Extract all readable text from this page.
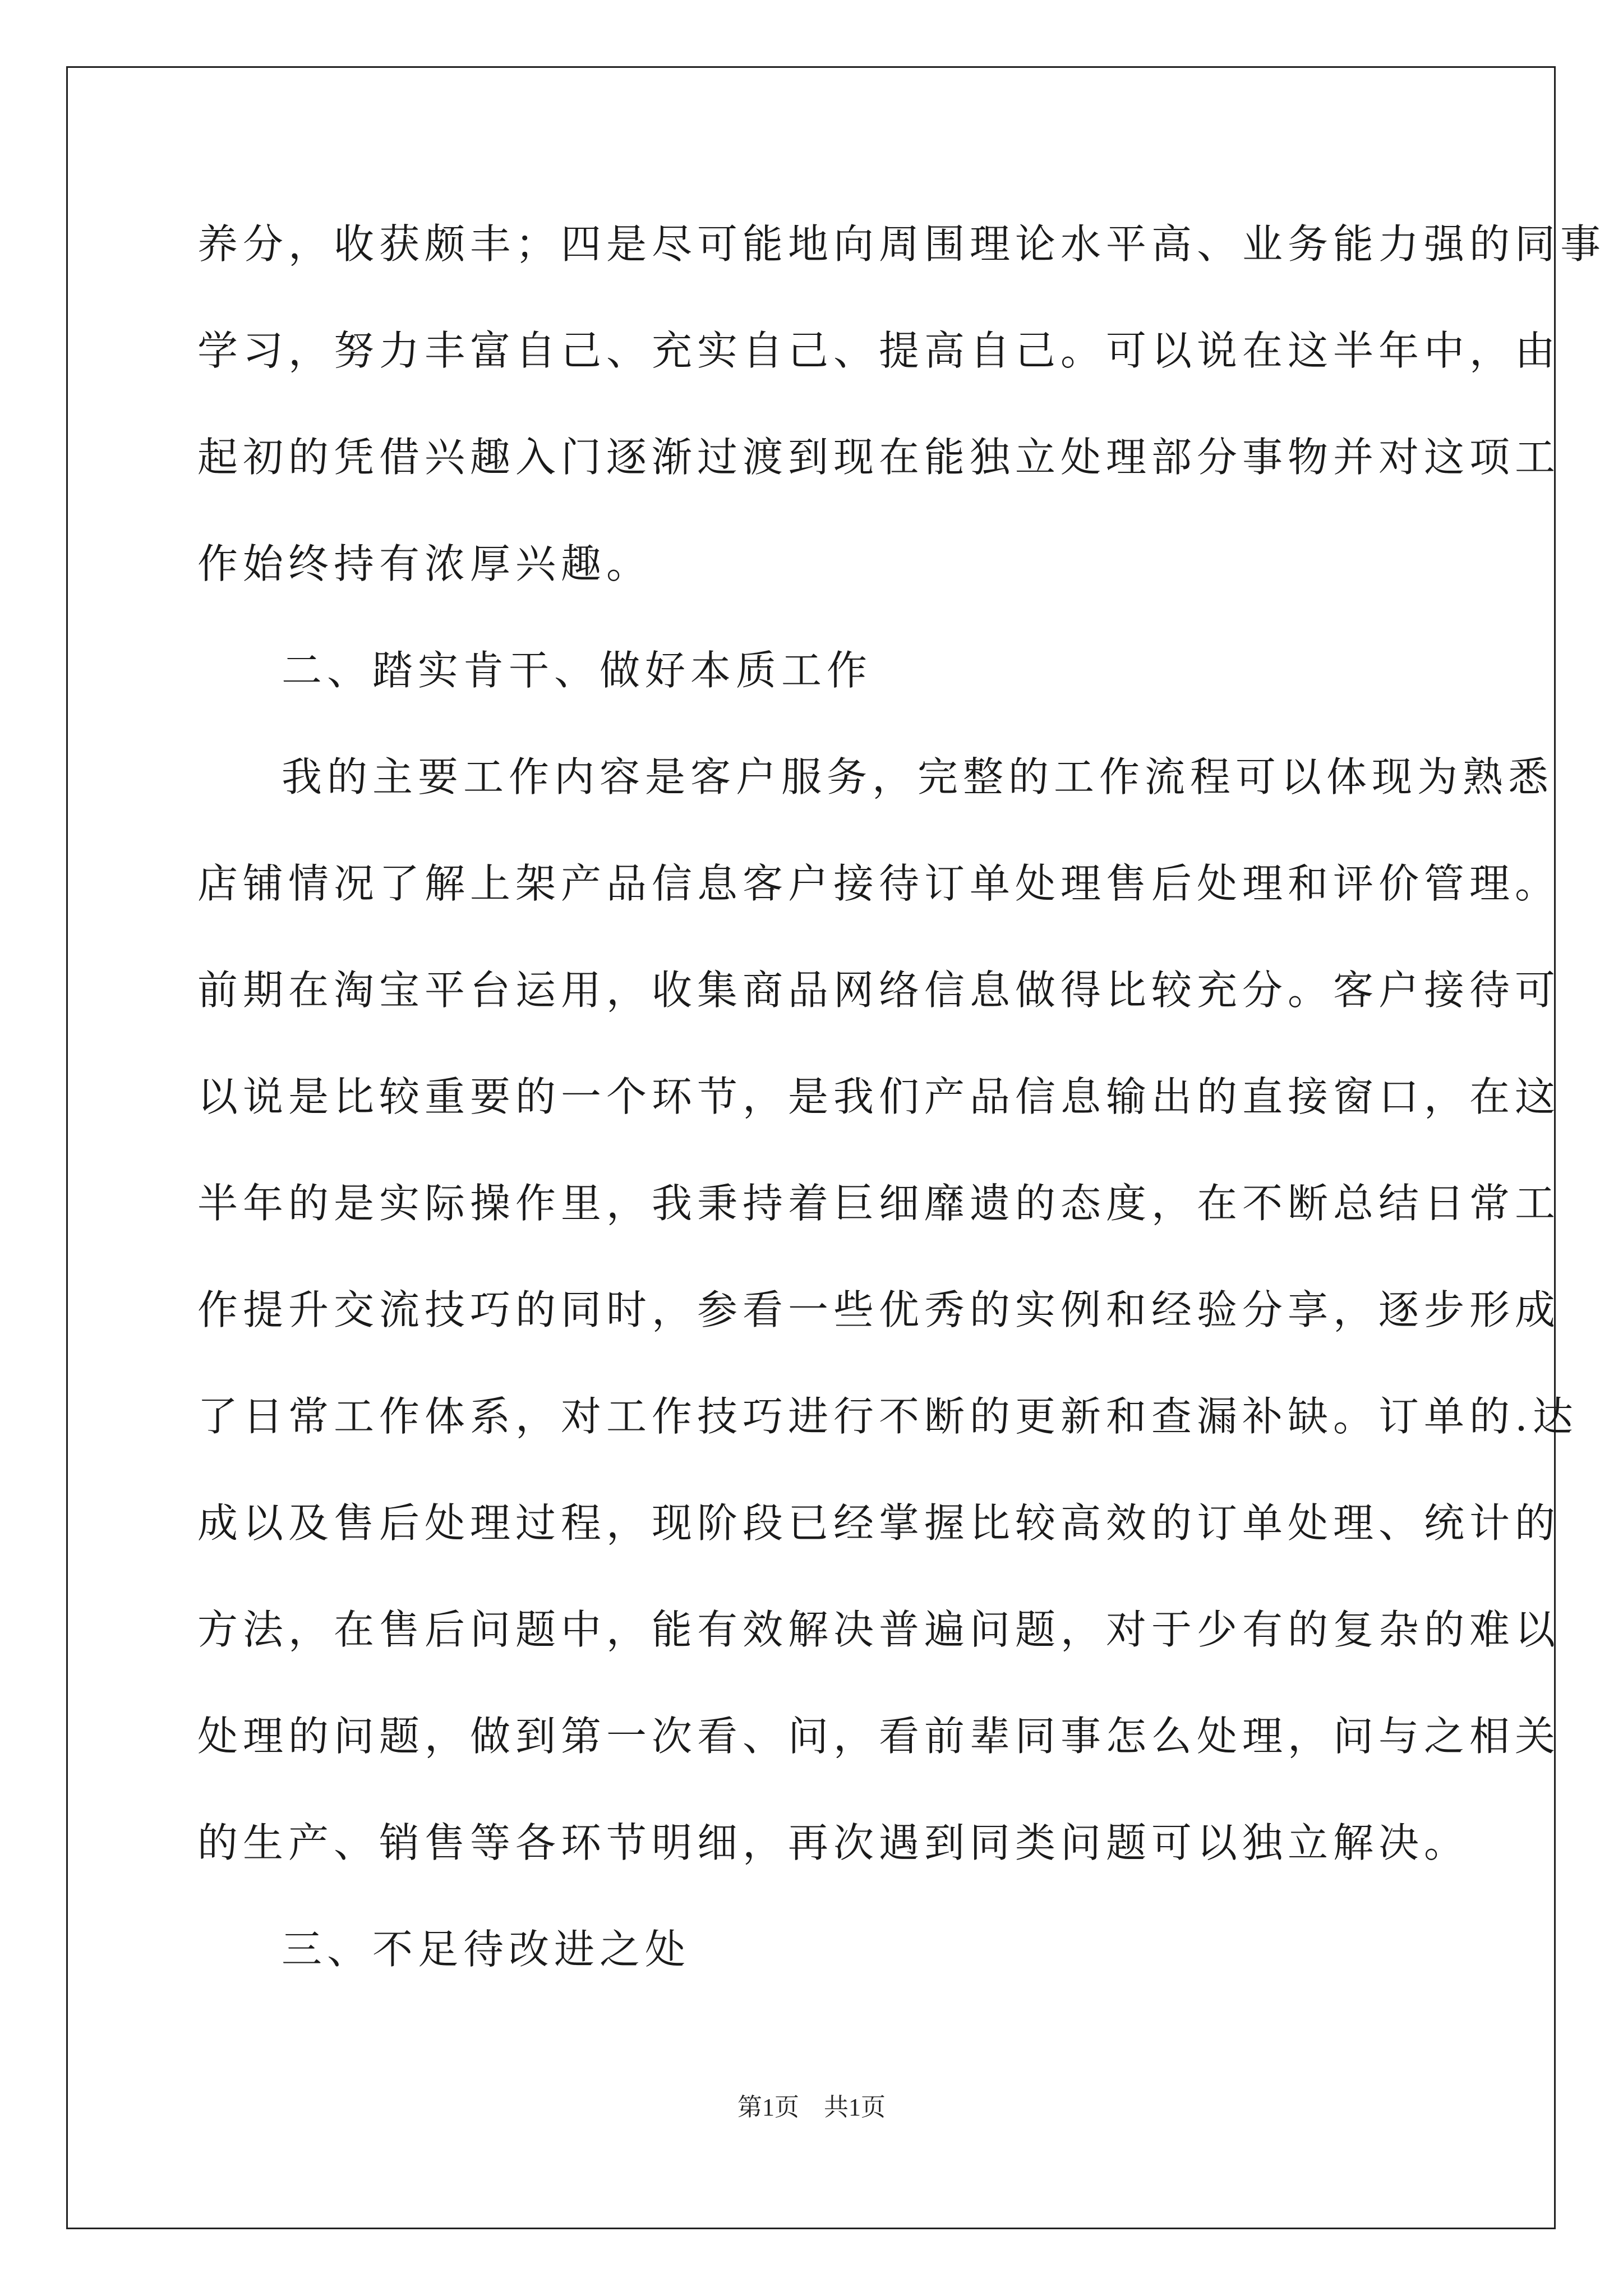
养分，收获颇丰；四是尽可能地向周围理论水平高、业务能力强的同事
学习，努力丰富自己、充实自己、提高自己。可以说在这半年中，由
起初的凭借兴趣入门逐渐过渡到现在能独立处理部分事物并对这项工
作始终持有浓厚兴趣。
二、踏实肯干、做好本质工作
我的主要工作内容是客户服务，完整的工作流程可以体现为熟悉
店铺情况了解上架产品信息客户接待订单处理售后处理和评价管理。
前期在淘宝平台运用，收集商品网络信息做得比较充分。客户接待可
以说是比较重要的一个环节，是我们产品信息输出的直接窗口，在这
半年的是实际操作里，我秉持着巨细靡遗的态度，在不断总结日常工
作提升交流技巧的同时，参看一些优秀的实例和经验分享，逐步形成
了日常工作体系，对工作技巧进行不断的更新和查漏补缺。订单的.达
成以及售后处理过程，现阶段已经掌握比较高效的订单处理、统计的
方法，在售后问题中，能有效解决普遍问题，对于少有的复杂的难以
处理的问题，做到第一次看、问，看前辈同事怎么处理，问与之相关
的生产、销售等各环节明细，再次遇到同类问题可以独立解决。
三、不足待改进之处
第1页　共1页
